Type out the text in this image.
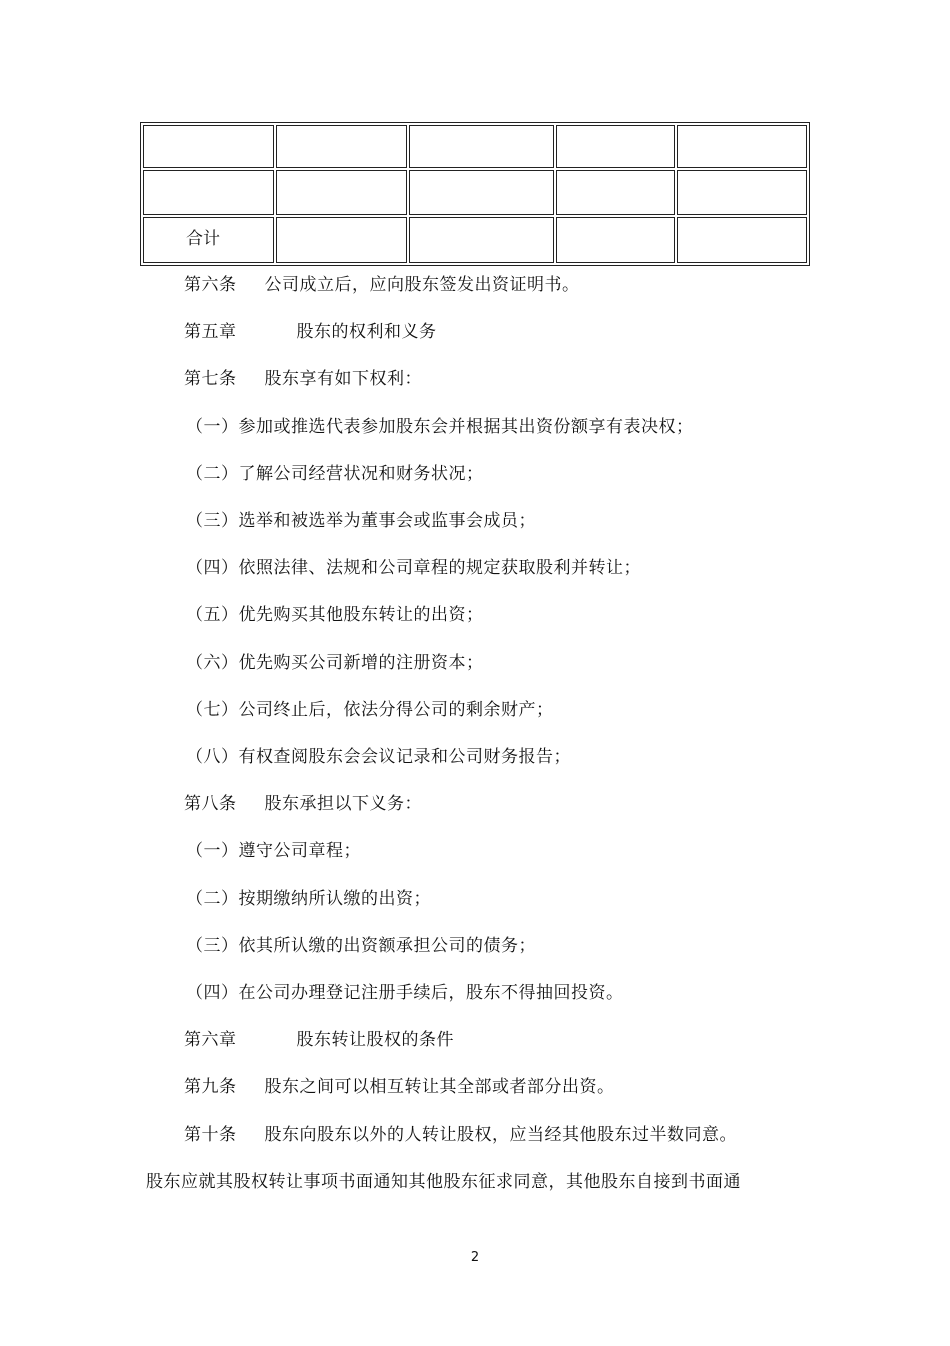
合计				

第六条 公司成立后，应向股东签发出资证明书。
第五章	股东的权利和义务
第七条 股东享有如下权利：
（一）参加或推选代表参加股东会并根据其出资份额享有表决权；
（二）了解公司经营状况和财务状况；
（三）选举和被选举为董事会或监事会成员；
（四）依照法律、法规和公司章程的规定获取股利并转让；
（五）优先购买其他股东转让的出资；
（六）优先购买公司新增的注册资本；
（七）公司终止后，依法分得公司的剩余财产；
（八）有权查阅股东会会议记录和公司财务报告；
第八条 股东承担以下义务：
（一）遵守公司章程；
（二）按期缴纳所认缴的出资；
（三）依其所认缴的出资额承担公司的债务；
（四）在公司办理登记注册手续后，股东不得抽回投资。
第六章	股东转让股权的条件
第九条 股东之间可以相互转让其全部或者部分出资。
第十条 股东向股东以外的人转让股权，应当经其他股东过半数同意。
股东应就其股权转让事项书面通知其他股东征求同意，其他股东自接到书面通
2
